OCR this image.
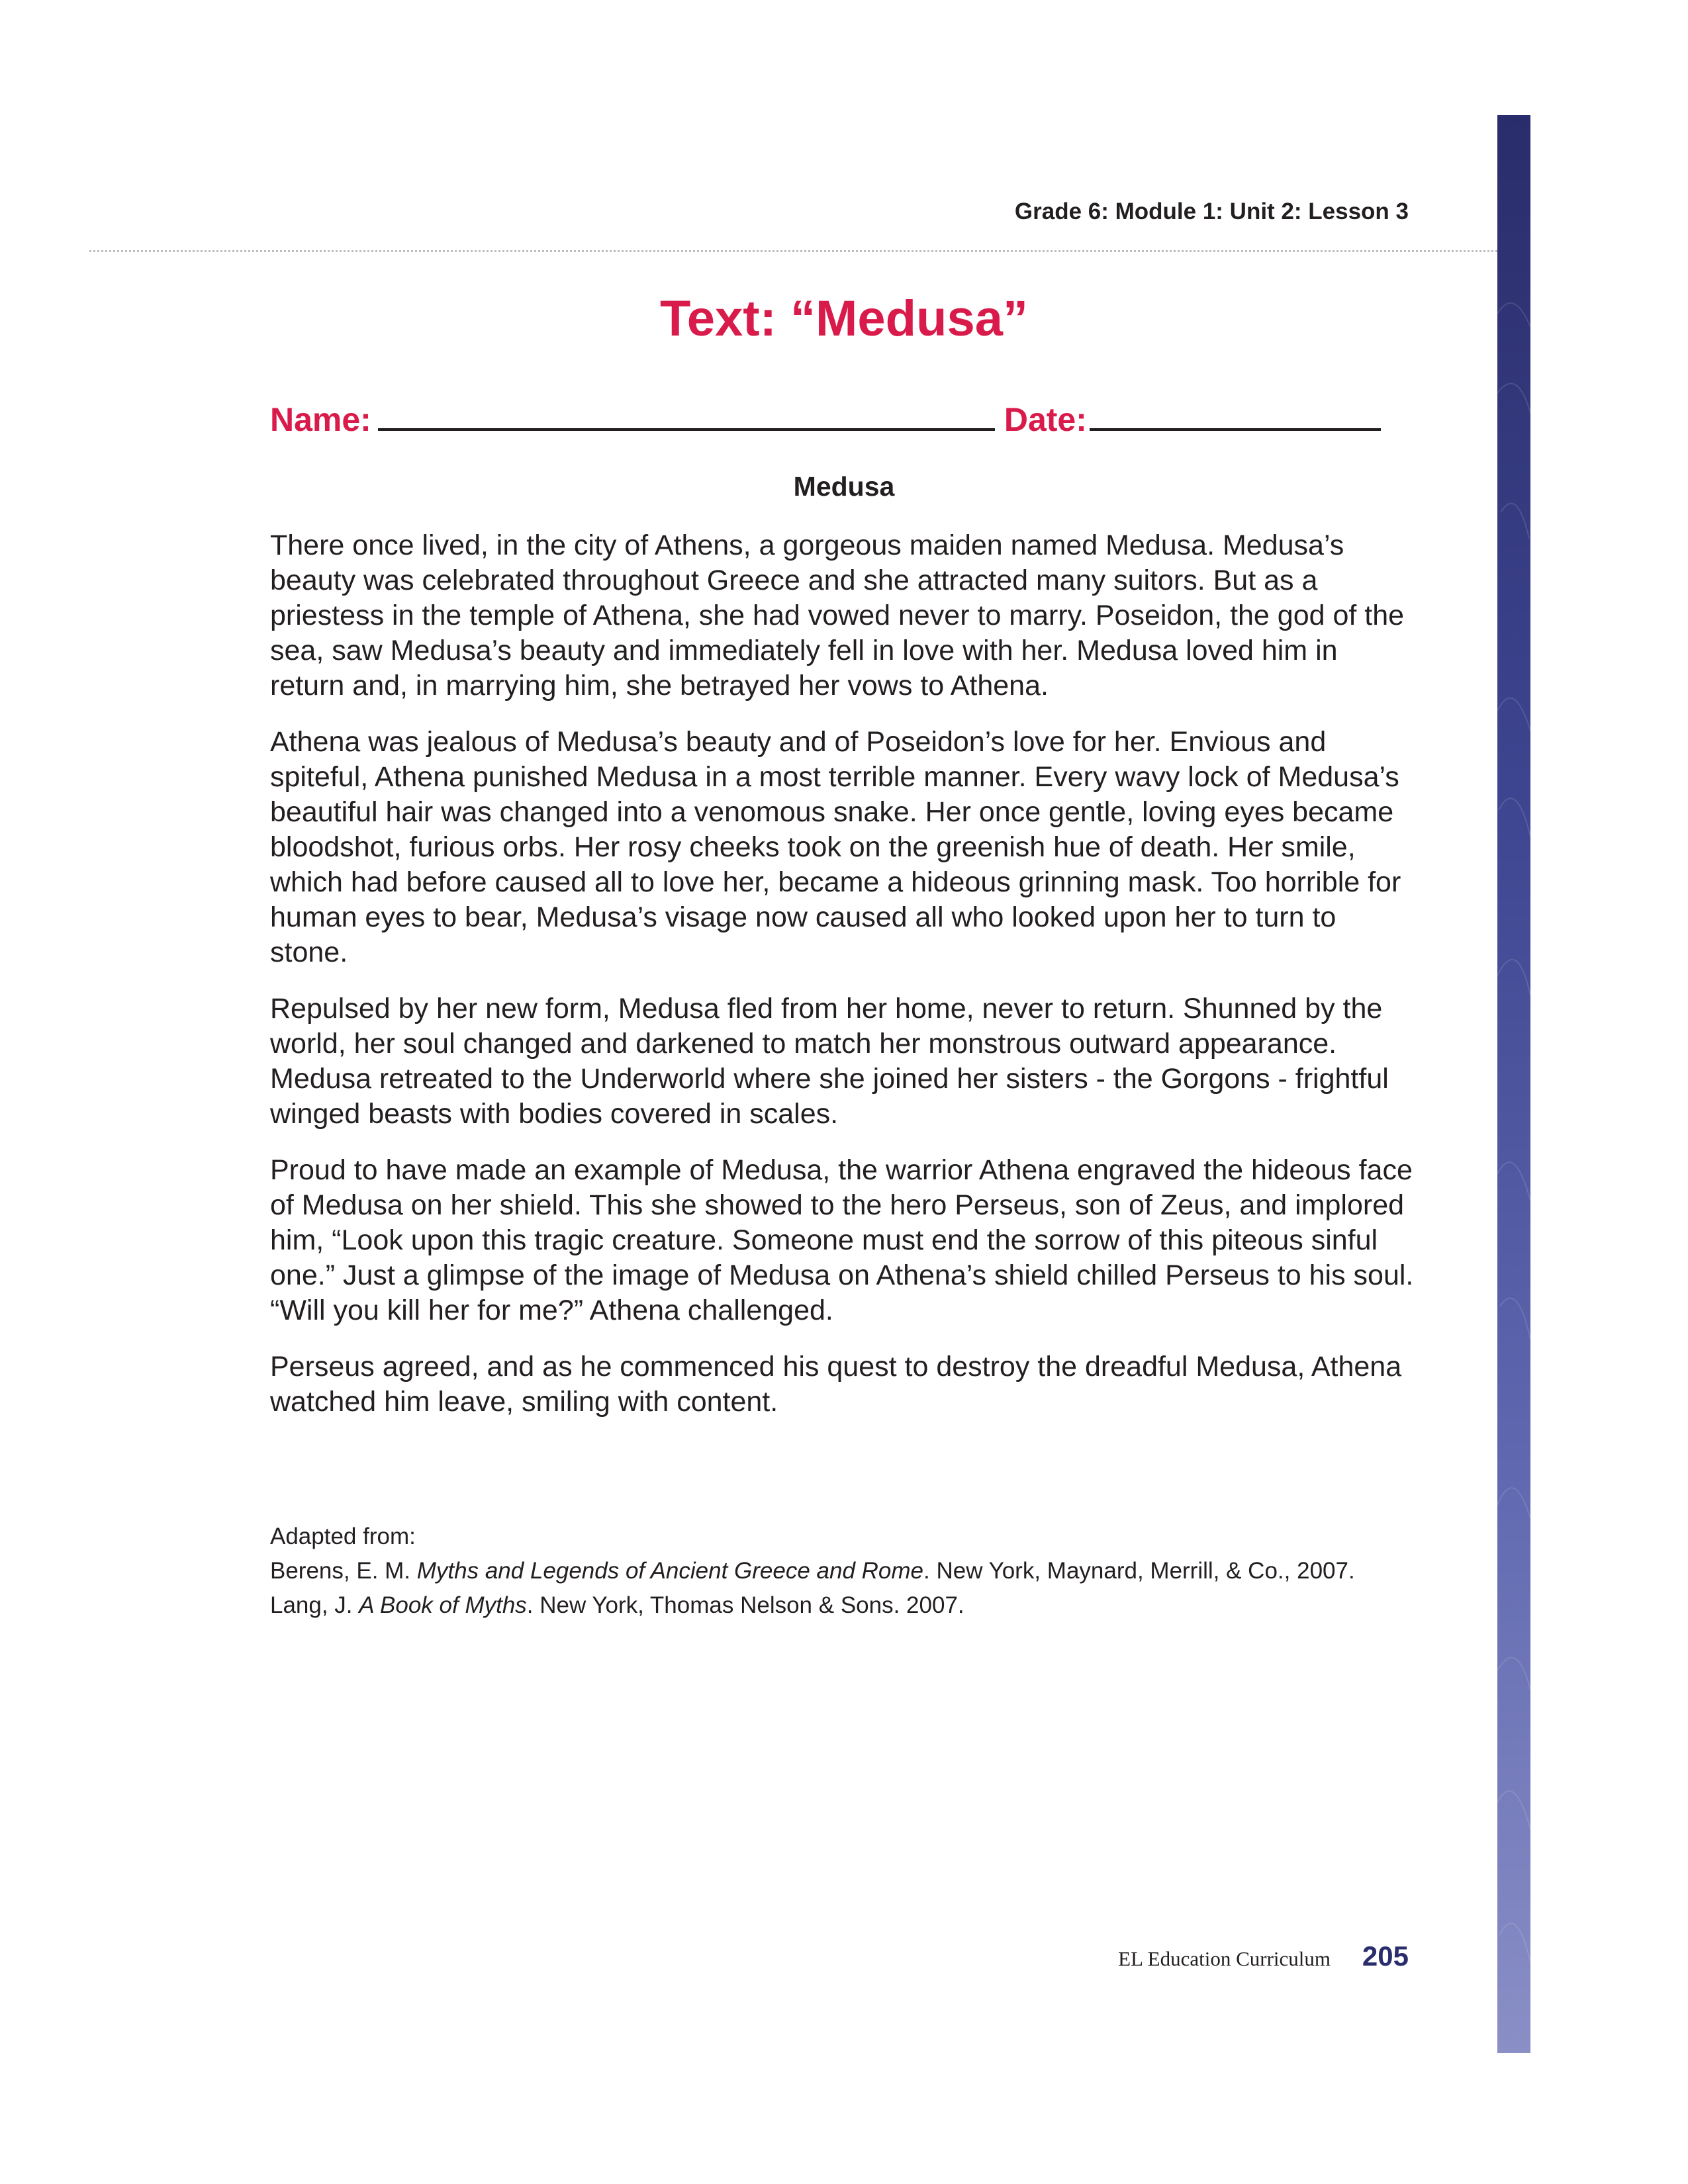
Grade 6: Module 1: Unit 2: Lesson 3
Text: “Medusa”
Name:	Date:
Medusa

There once lived, in the city of Athens, a gorgeous maiden named Medusa. Medusa’s beauty was celebrated throughout Greece and she attracted many suitors. But as a priestess in the temple of Athena, she had vowed never to marry. Poseidon, the god of the sea, saw Medusa’s beauty and immediately fell in love with her. Medusa loved him in return and, in marrying him, she betrayed her vows to Athena.

Athena was jealous of Medusa’s beauty and of Poseidon’s love for her. Envious and spiteful, Athena punished Medusa in a most terrible manner. Every wavy lock of Medusa’s beautiful hair was changed into a venomous snake. Her once gentle, loving eyes became bloodshot, furious orbs. Her rosy cheeks took on the greenish hue of death. Her smile, which had before caused all to love her, became a hideous grinning mask. Too horrible for human eyes to bear, Medusa’s visage now caused all who looked upon her to turn to stone.

Repulsed by her new form, Medusa fled from her home, never to return. Shunned by the world, her soul changed and darkened to match her monstrous outward appearance. Medusa retreated to the Underworld where she joined her sisters - the Gorgons - frightful winged beasts with bodies covered in scales.

Proud to have made an example of Medusa, the warrior Athena engraved the hideous face of Medusa on her shield. This she showed to the hero Perseus, son of Zeus, and implored him, “Look upon this tragic creature. Someone must end the sorrow of this piteous sinful one.” Just a glimpse of the image of Medusa on Athena’s shield chilled Perseus to his soul. “Will you kill her for me?” Athena challenged.

Perseus agreed, and as he commenced his quest to destroy the dreadful Medusa, Athena watched him leave, smiling with content.

Adapted from:
Berens, E. M. Myths and Legends of Ancient Greece and Rome. New York, Maynard, Merrill, & Co., 2007.
Lang, J. A Book of Myths. New York, Thomas Nelson & Sons. 2007.
EL Education Curriculum 205
